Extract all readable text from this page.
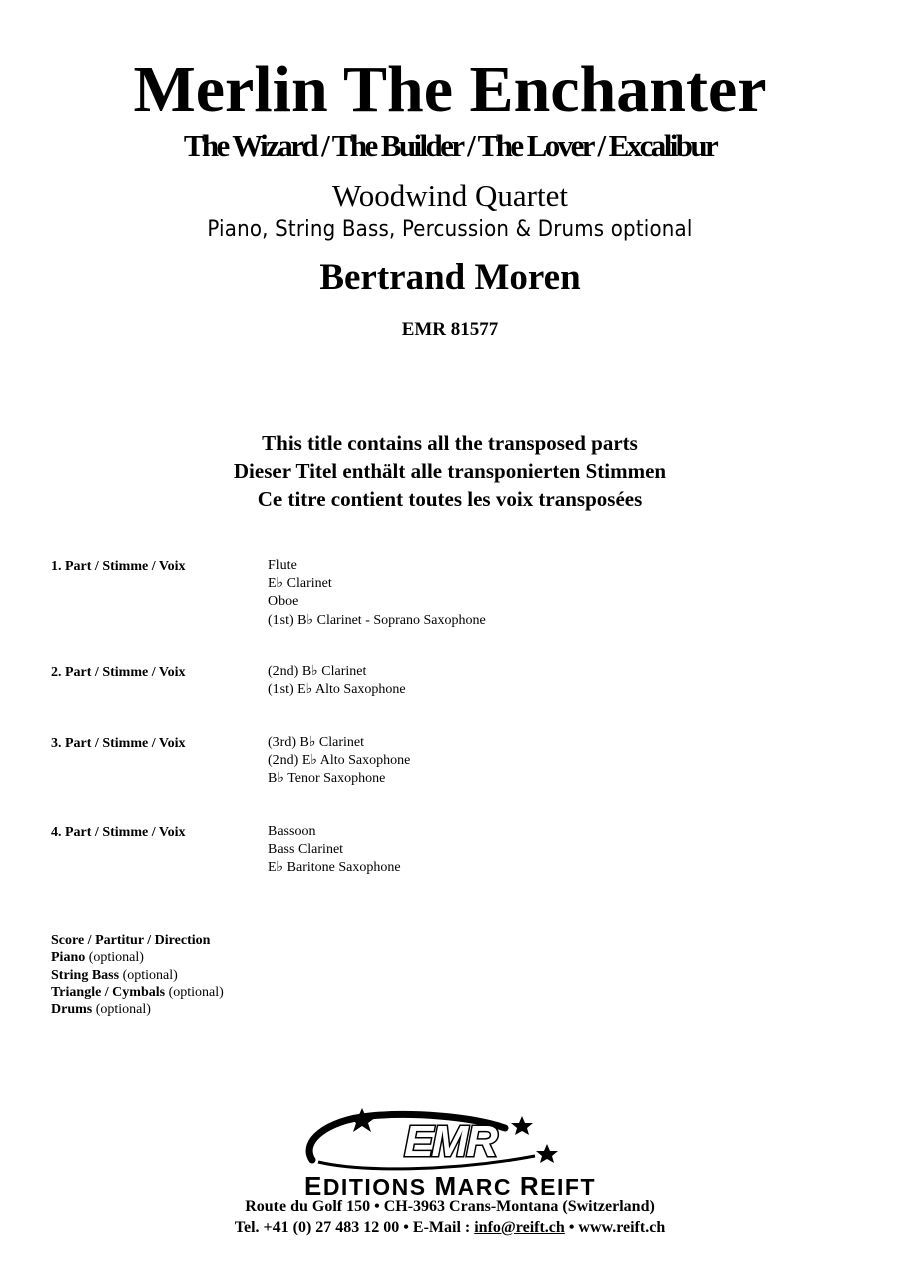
Merlin The Enchanter
The Wizard / The Builder / The Lover / Excalibur
Woodwind Quartet
Piano, String Bass, Percussion & Drums optional
Bertrand Moren
EMR 81577
This title contains all the transposed parts
Dieser Titel enthält alle transponierten Stimmen
Ce titre contient toutes les voix transposées
1. Part / Stimme / Voix	Flute
E♭ Clarinet
Oboe
(1st) B♭ Clarinet - Soprano Saxophone
2. Part / Stimme / Voix	(2nd) B♭ Clarinet
(1st) E♭ Alto Saxophone
3. Part / Stimme / Voix	(3rd) B♭ Clarinet
(2nd) E♭ Alto Saxophone
B♭ Tenor Saxophone
4. Part / Stimme / Voix	Bassoon
Bass Clarinet
E♭ Baritone Saxophone
Score / Partitur / Direction
Piano (optional)
String Bass (optional)
Triangle / Cymbals (optional)
Drums (optional)
EMR
EDITIONS MARC REIFT
Route du Golf 150 • CH-3963 Crans-Montana (Switzerland)
Tel. +41 (0) 27 483 12 00 • E-Mail : info@reift.ch • www.reift.ch
